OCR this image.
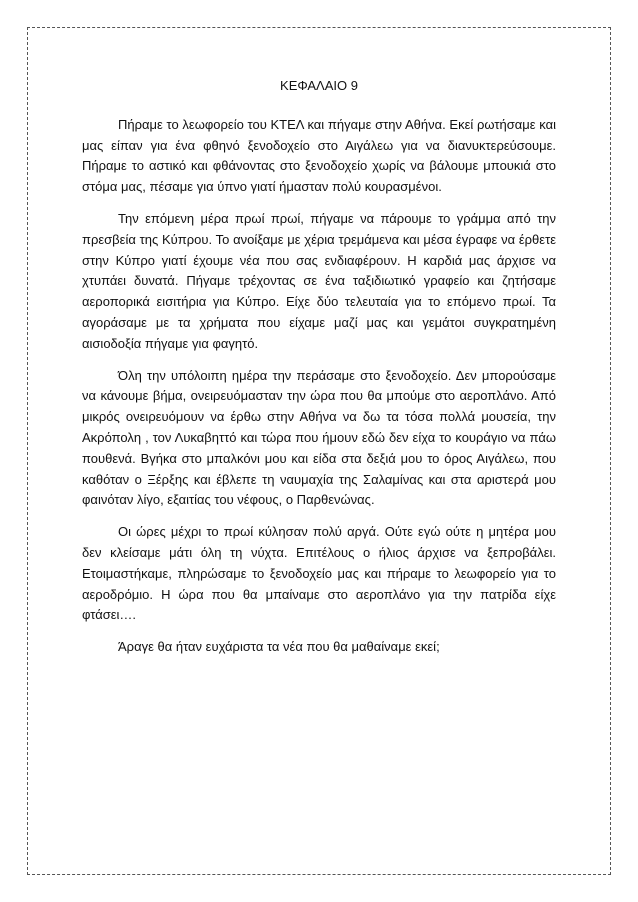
ΚΕΦΑΛΑΙΟ 9

Πήραμε το λεωφορείο του ΚΤΕΛ και πήγαμε στην Αθήνα. Εκεί ρωτήσαμε και μας είπαν για ένα φθηνό ξενοδοχείο στο Αιγάλεω για να διανυκτερεύσουμε. Πήραμε το αστικό και φθάνοντας στο ξενοδοχείο χωρίς να βάλουμε μπουκιά στο στόμα μας, πέσαμε για ύπνο γιατί ήμασταν πολύ κουρασμένοι.

Την επόμενη μέρα πρωί πρωί, πήγαμε να πάρουμε το γράμμα από την πρεσβεία της Κύπρου. Το ανοίξαμε με χέρια τρεμάμενα και μέσα έγραφε να έρθετε στην Κύπρο γιατί έχουμε νέα που σας ενδιαφέρουν. Η καρδιά μας άρχισε να χτυπάει δυνατά. Πήγαμε τρέχοντας σε ένα ταξιδιωτικό γραφείο και ζητήσαμε αεροπορικά εισιτήρια για Κύπρο. Είχε δύο τελευταία για το επόμενο πρωί. Τα αγοράσαμε με τα χρήματα που είχαμε μαζί μας και γεμάτοι συγκρατημένη αισιοδοξία πήγαμε για φαγητό.

Όλη την υπόλοιπη ημέρα την περάσαμε στο ξενοδοχείο. Δεν μπορούσαμε να κάνουμε βήμα, ονειρευόμασταν την ώρα που θα μπούμε στο αεροπλάνο. Από μικρός ονειρευόμουν να έρθω στην Αθήνα να δω τα τόσα πολλά μουσεία, την Ακρόπολη , τον Λυκαβηττό και τώρα που ήμουν εδώ δεν είχα το κουράγιο να πάω πουθενά. Βγήκα στο μπαλκόνι μου και είδα στα δεξιά μου το όρος Αιγάλεω, που καθόταν ο Ξέρξης και έβλεπε τη ναυμαχία της Σαλαμίνας και στα αριστερά μου φαινόταν λίγο, εξαιτίας του νέφους, ο Παρθενώνας.

Οι ώρες μέχρι το πρωί κύλησαν πολύ αργά. Ούτε εγώ ούτε η μητέρα μου δεν κλείσαμε μάτι όλη τη νύχτα. Επιτέλους ο ήλιος άρχισε να ξεπροβάλει. Ετοιμαστήκαμε, πληρώσαμε το ξενοδοχείο μας και πήραμε το λεωφορείο για το αεροδρόμιο. Η ώρα που θα μπαίναμε στο αεροπλάνο για την πατρίδα είχε φτάσει….

Άραγε θα ήταν ευχάριστα τα νέα που θα μαθαίναμε εκεί;
